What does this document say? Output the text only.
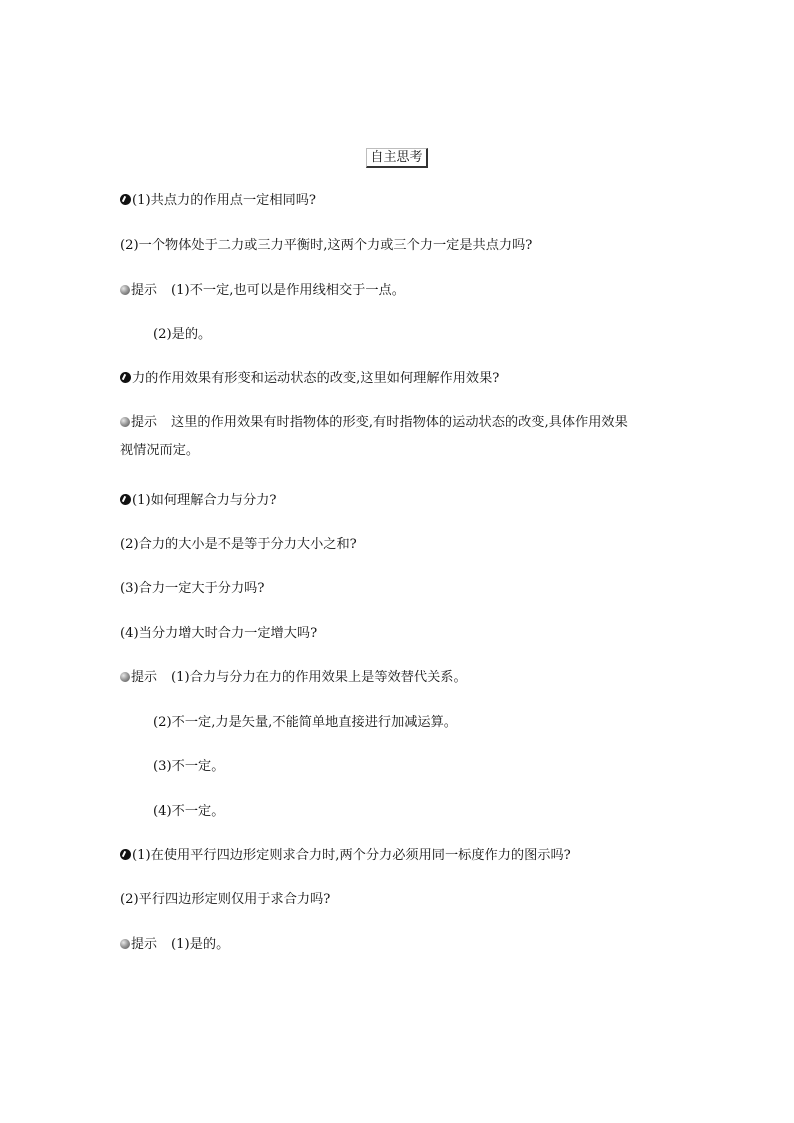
自主思考
(1)共点力的作用点一定相同吗?
(2)一个物体处于二力或三力平衡时,这两个力或三个力一定是共点力吗?
提示 (1)不一定,也可以是作用线相交于一点。
(2)是的。
力的作用效果有形变和运动状态的改变,这里如何理解作用效果?
提示 这里的作用效果有时指物体的形变,有时指物体的运动状态的改变,具体作用效果
视情况而定。
(1)如何理解合力与分力?
(2)合力的大小是不是等于分力大小之和?
(3)合力一定大于分力吗?
(4)当分力增大时合力一定增大吗?
提示 (1)合力与分力在力的作用效果上是等效替代关系。
(2)不一定,力是矢量,不能简单地直接进行加减运算。
(3)不一定。
(4)不一定。
(1)在使用平行四边形定则求合力时,两个分力必须用同一标度作力的图示吗?
(2)平行四边形定则仅用于求合力吗?
提示 (1)是的。
